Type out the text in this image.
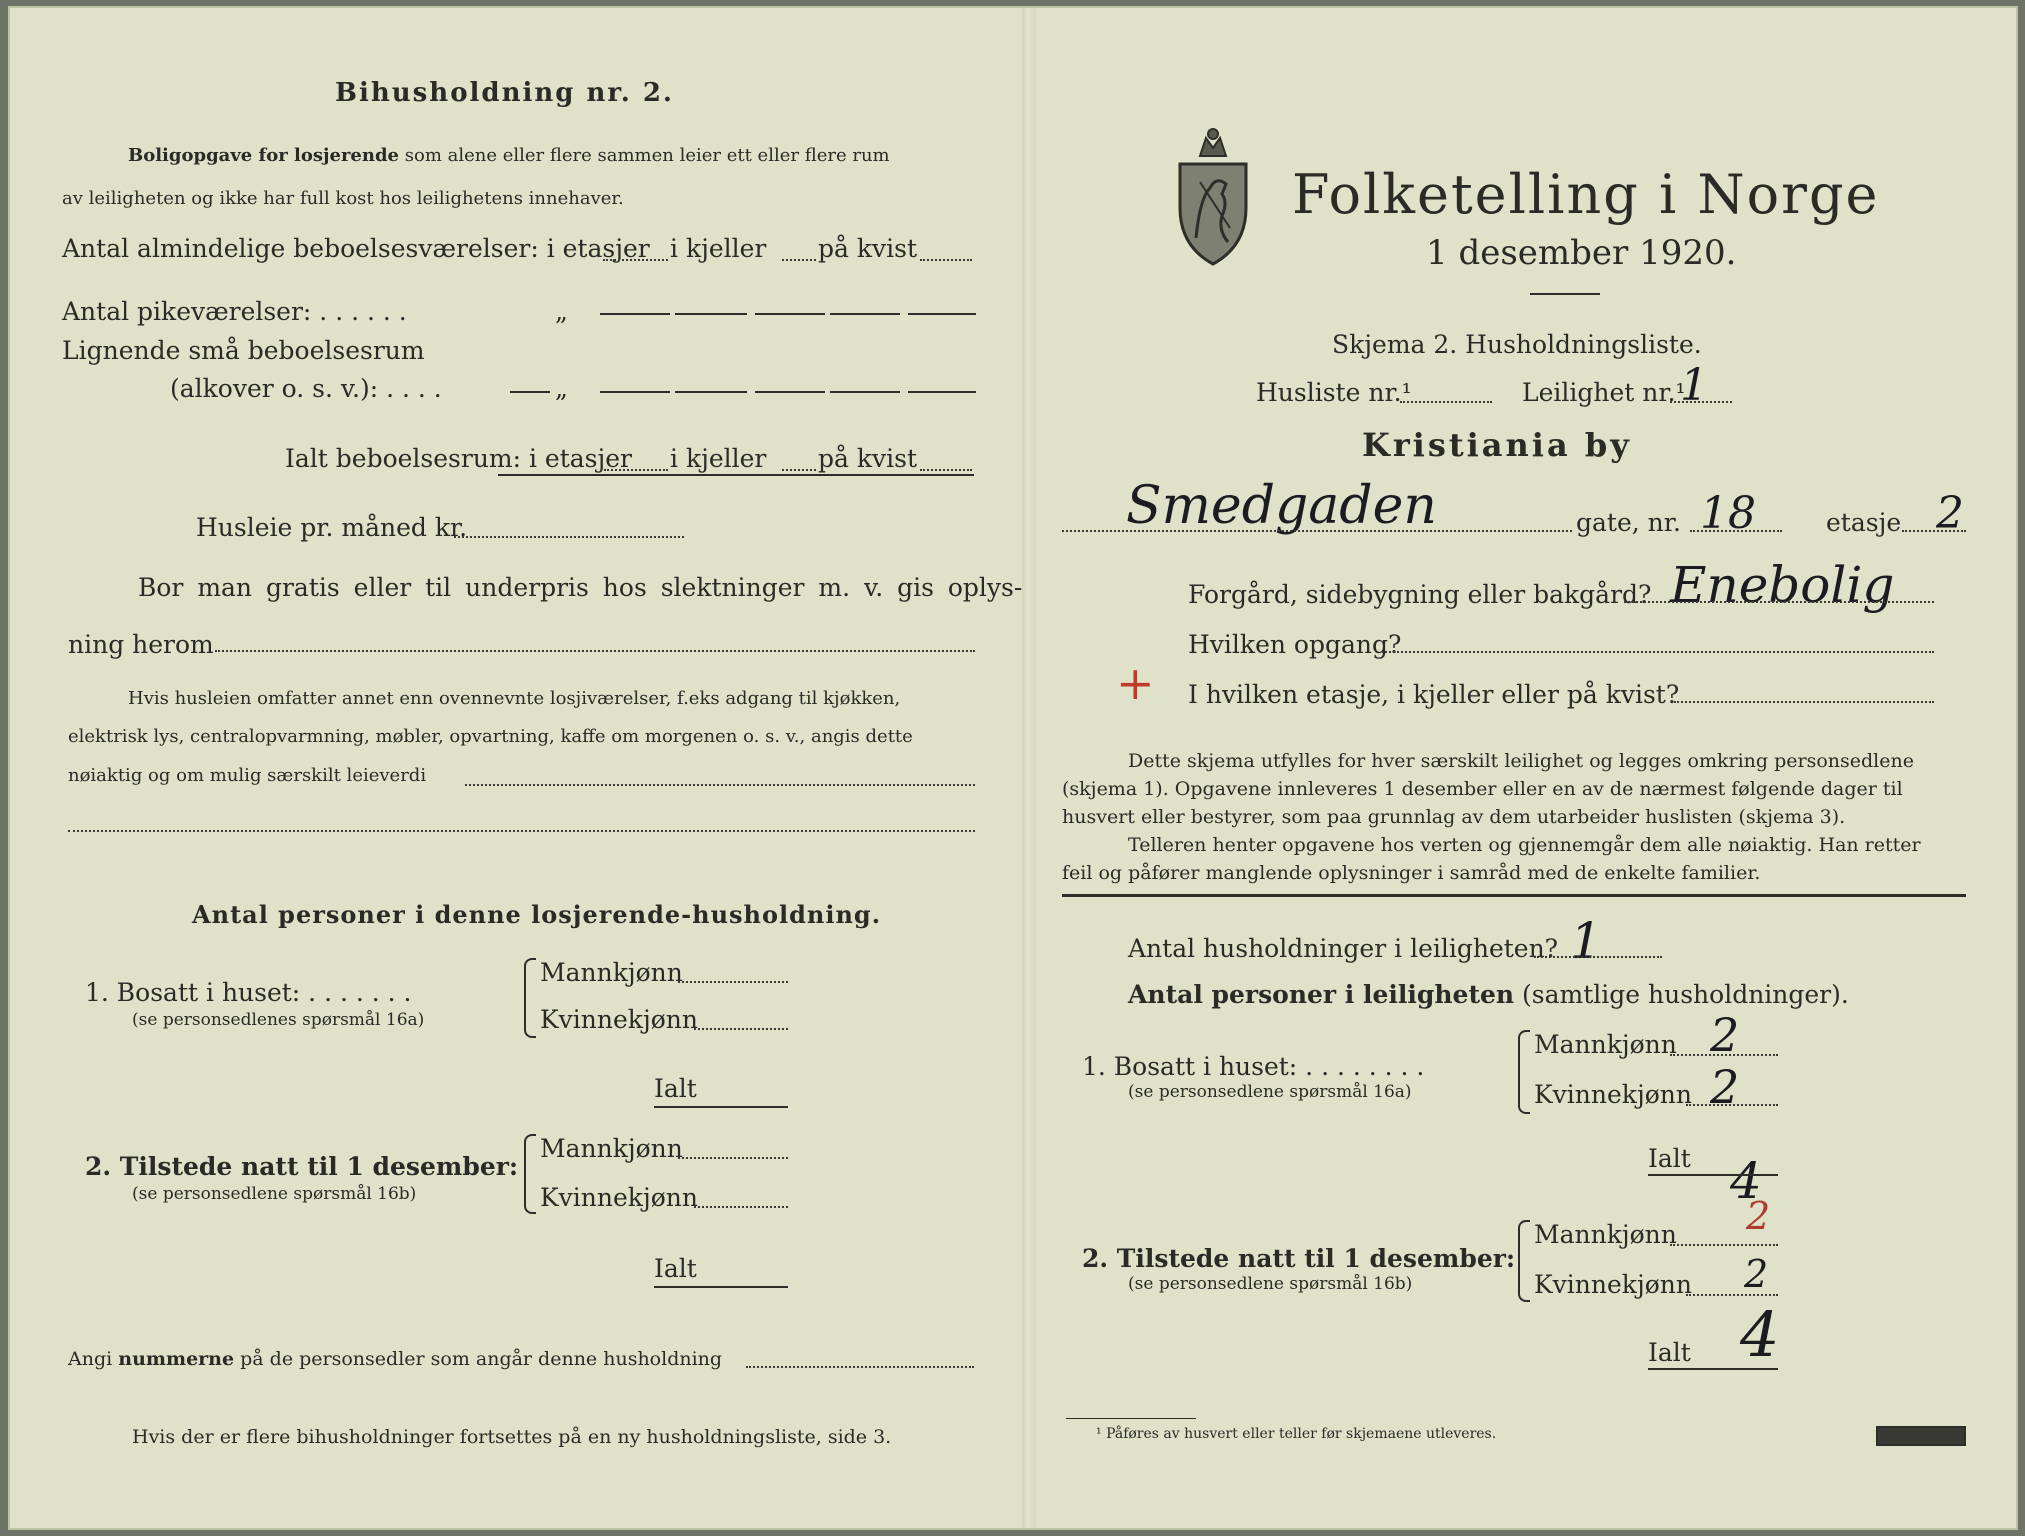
Bihusholdning nr. 2.
Boligopgave for losjerende som alene eller flere sammen leier ett eller flere rum
av leiligheten og ikke har full kost hos leilighetens innehaver.
Antal almindelige beboelsesværelser: i etasjer i kjeller på kvist
Antal pikeværelser: . . . . . .	„
Lignende små beboelsesrum
(alkover o. s. v.): . . . .	„
Ialt beboelsesrum: i etasjer i kjeller på kvist
Husleie pr. måned kr.
Bor man gratis eller til underpris hos slektninger m. v. gis oplys-
ning herom
Hvis husleien omfatter annet enn ovennevnte losjiværelser, f.eks adgang til kjøkken,
elektrisk lys, centralopvarmning, møbler, opvartning, kaffe om morgenen o. s. v., angis dette
nøiaktig og om mulig særskilt leieverdi
Antal personer i denne losjerende-husholdning.
1. Bosatt i huset: . . . . . . .
(se personsedlenes spørsmål 16a)
Mannkjønn
Kvinnekjønn
Ialt
2. Tilstede natt til 1 desember:
(se personsedlene spørsmål 16b)
Mannkjønn
Kvinnekjønn
Ialt
Angi nummerne på de personsedler som angår denne husholdning
Hvis der er flere bihusholdninger fortsettes på en ny husholdningsliste, side 3.
Folketelling i Norge
1 desember 1920.
Skjema 2. Husholdningsliste.
Husliste nr.¹	Leilighet nr.¹
1
Kristiania by
Smedgaden	gate, nr. 18	etasje 2
Forgård, sidebygning eller bakgård? Enebolig
Hvilken opgang?
+ I hvilken etasje, i kjeller eller på kvist?
Dette skjema utfylles for hver særskilt leilighet og legges omkring personsedlene
(skjema 1). Opgavene innleveres 1 desember eller en av de nærmest følgende dager til
husvert eller bestyrer, som paa grunnlag av dem utarbeider huslisten (skjema 3).
Telleren henter opgavene hos verten og gjennemgår dem alle nøiaktig. Han retter
feil og påfører manglende oplysninger i samråd med de enkelte familier.
Antal husholdninger i leiligheten? 1
Antal personer i leiligheten (samtlige husholdninger).
1. Bosatt i huset: . . . . . . . .
(se personsedlene spørsmål 16a)
Mannkjønn 2
Kvinnekjønn 2
Ialt 4
2. Tilstede natt til 1 desember:
(se personsedlene spørsmål 16b)
Mannkjønn 2
Kvinnekjønn 2
Ialt 4
¹ Påføres av husvert eller teller før skjemaene utleveres.
